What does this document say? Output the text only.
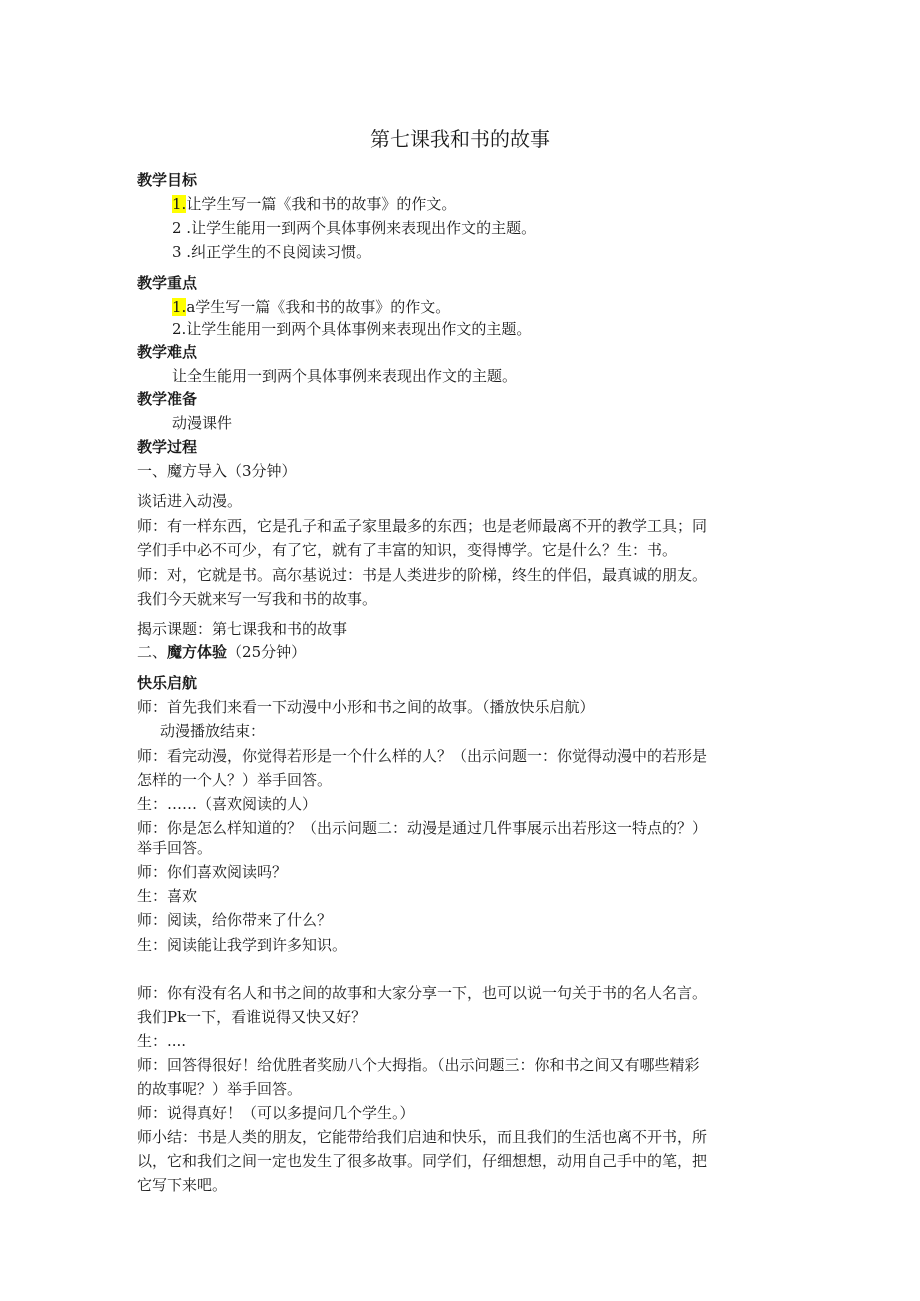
第七课我和书的故事
教学目标
1.让学生写一篇《我和书的故事》的作文。
2 .让学生能用一到两个具体事例来表现出作文的主题。
3 .纠正学生的不良阅读习惯。
教学重点
1.a学生写一篇《我和书的故事》的作文。
2.让学生能用一到两个具体事例来表现出作文的主题。
教学难点
让全生能用一到两个具体事例来表现出作文的主题。
教学准备
动漫课件
教学过程
一、魔方导入（3分钟）
谈话进入动漫。
师：有一样东西，它是孔子和孟子家里最多的东西；也是老师最离不开的教学工具；同
学们手中必不可少，有了它，就有了丰富的知识，变得博学。它是什么？生：书。
师：对，它就是书。高尔基说过：书是人类进步的阶梯，终生的伴侣，最真诚的朋友。
我们今天就来写一写我和书的故事。
揭示课题：第七课我和书的故事
二、魔方体验（25分钟）
快乐启航
师：首先我们来看一下动漫中小形和书之间的故事。（播放快乐启航）
　动漫播放结束：
师：看完动漫，你觉得若形是一个什么样的人？（出示问题一：你觉得动漫中的若形是
怎样的一个人？）举手回答。
生：……（喜欢阅读的人）
师：你是怎么样知道的？（出示问题二：动漫是通过几件事展示出若彤这一特点的？）
举手回答。
师：你们喜欢阅读吗？
生：喜欢
师：阅读，给你带来了什么？
生：阅读能让我学到许多知识。
师：你有没有名人和书之间的故事和大家分享一下，也可以说一句关于书的名人名言。
我们Pk一下，看谁说得又快又好？
生：....
师：回答得很好！给优胜者奖励八个大拇指。（出示问题三：你和书之间又有哪些精彩
的故事呢？）举手回答。
师：说得真好！（可以多提问几个学生。）
师小结：书是人类的朋友，它能带给我们启迪和快乐，而且我们的生活也离不开书，所
以，它和我们之间一定也发生了很多故事。同学们，仔细想想，动用自己手中的笔，把
它写下来吧。
